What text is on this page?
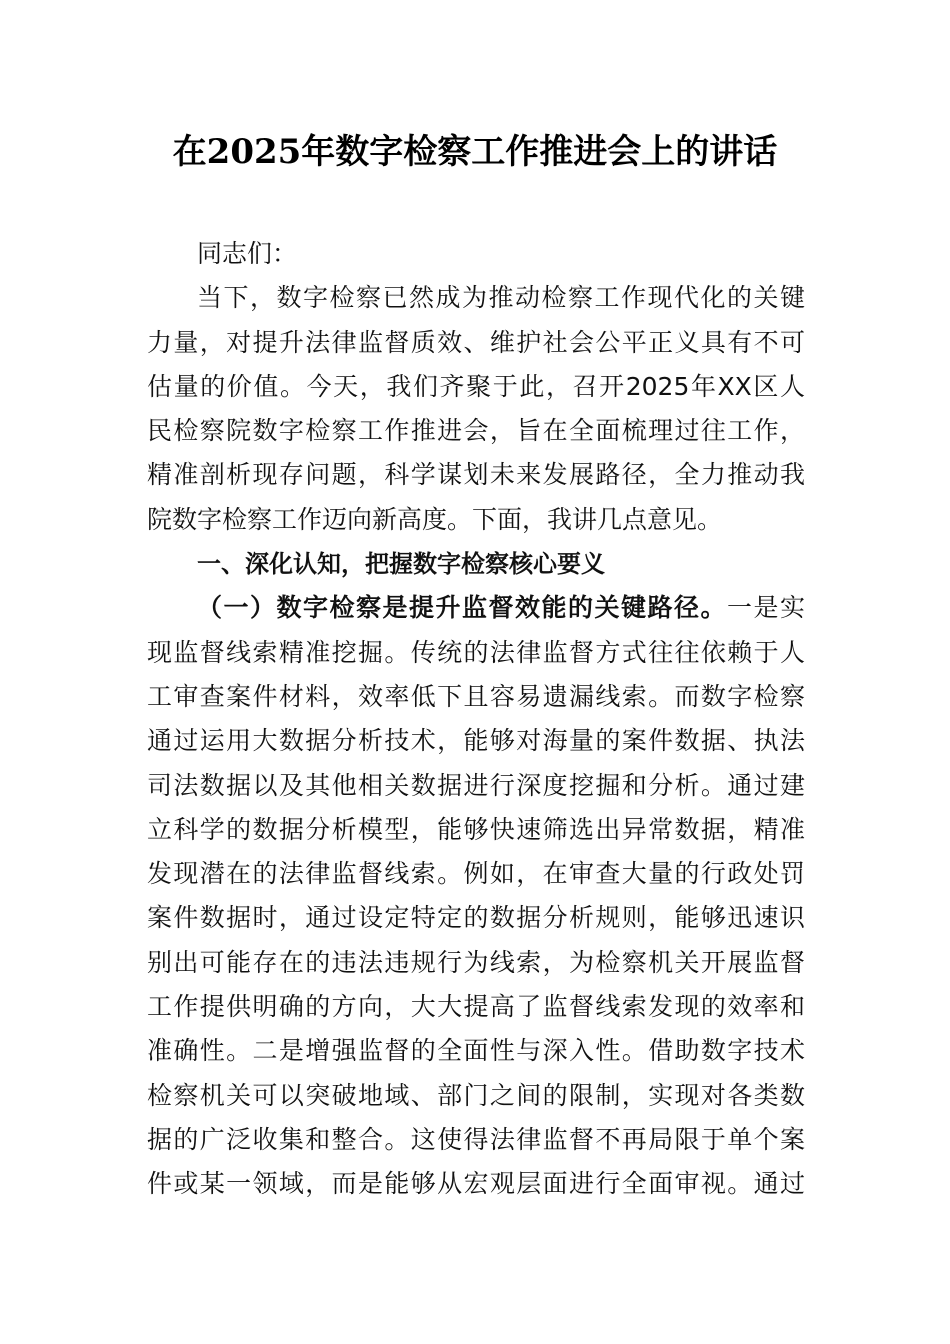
在2025年数字检察工作推进会上的讲话
同志们：
当下，数字检察已然成为推动检察工作现代化的关键
力量，对提升法律监督质效、维护社会公平正义具有不可
估量的价值。今天，我们齐聚于此，召开2025年XX区人
民检察院数字检察工作推进会，旨在全面梳理过往工作，
精准剖析现存问题，科学谋划未来发展路径，全力推动我
院数字检察工作迈向新高度。下面，我讲几点意见。
一、深化认知，把握数字检察核心要义
（一）数字检察是提升监督效能的关键路径。一是实
现监督线索精准挖掘。传统的法律监督方式往往依赖于人
工审查案件材料，效率低下且容易遗漏线索。而数字检察
通过运用大数据分析技术，能够对海量的案件数据、执法
司法数据以及其他相关数据进行深度挖掘和分析。通过建
立科学的数据分析模型，能够快速筛选出异常数据，精准
发现潜在的法律监督线索。例如，在审查大量的行政处罚
案件数据时，通过设定特定的数据分析规则，能够迅速识
别出可能存在的违法违规行为线索，为检察机关开展监督
工作提供明确的方向，大大提高了监督线索发现的效率和
准确性。二是增强监督的全面性与深入性。借助数字技术
检察机关可以突破地域、部门之间的限制，实现对各类数
据的广泛收集和整合。这使得法律监督不再局限于单个案
件或某一领域，而是能够从宏观层面进行全面审视。通过
